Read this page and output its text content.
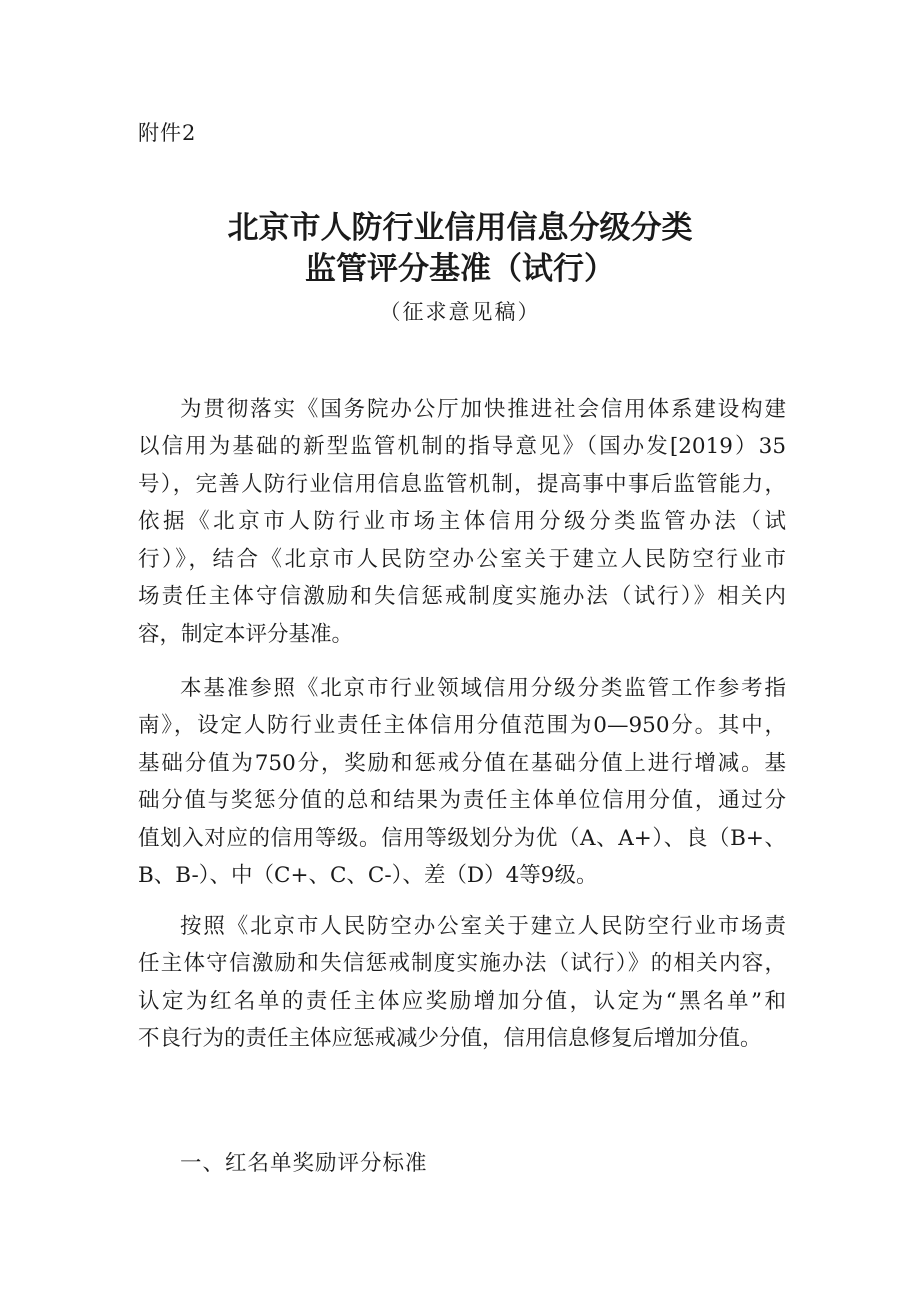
附件2
北京市人防行业信用信息分级分类
监管评分基准（试行）
（征求意见稿）
为贯彻落实《国务院办公厅加快推进社会信用体系建设构建
以信用为基础的新型监管机制的指导意见》（国办发[2019）35
号），完善人防行业信用信息监管机制，提高事中事后监管能力，
依据《北京市人防行业市场主体信用分级分类监管办法（试
行）》，结合《北京市人民防空办公室关于建立人民防空行业市
场责任主体守信激励和失信惩戒制度实施办法（试行）》相关内
容，制定本评分基准。
本基准参照《北京市行业领域信用分级分类监管工作参考指
南》，设定人防行业责任主体信用分值范围为0—950分。其中，
基础分值为750分，奖励和惩戒分值在基础分值上进行增减。基
础分值与奖惩分值的总和结果为责任主体单位信用分值，通过分
值划入对应的信用等级。信用等级划分为优（A、A+）、良（B+、
B、B-）、中（C+、C、C-）、差（D）4等9级。
按照《北京市人民防空办公室关于建立人民防空行业市场责
任主体守信激励和失信惩戒制度实施办法（试行）》的相关内容，
认定为红名单的责任主体应奖励增加分值，认定为“黑名单”和
不良行为的责任主体应惩戒减少分值，信用信息修复后增加分值。
一、红名单奖励评分标准
